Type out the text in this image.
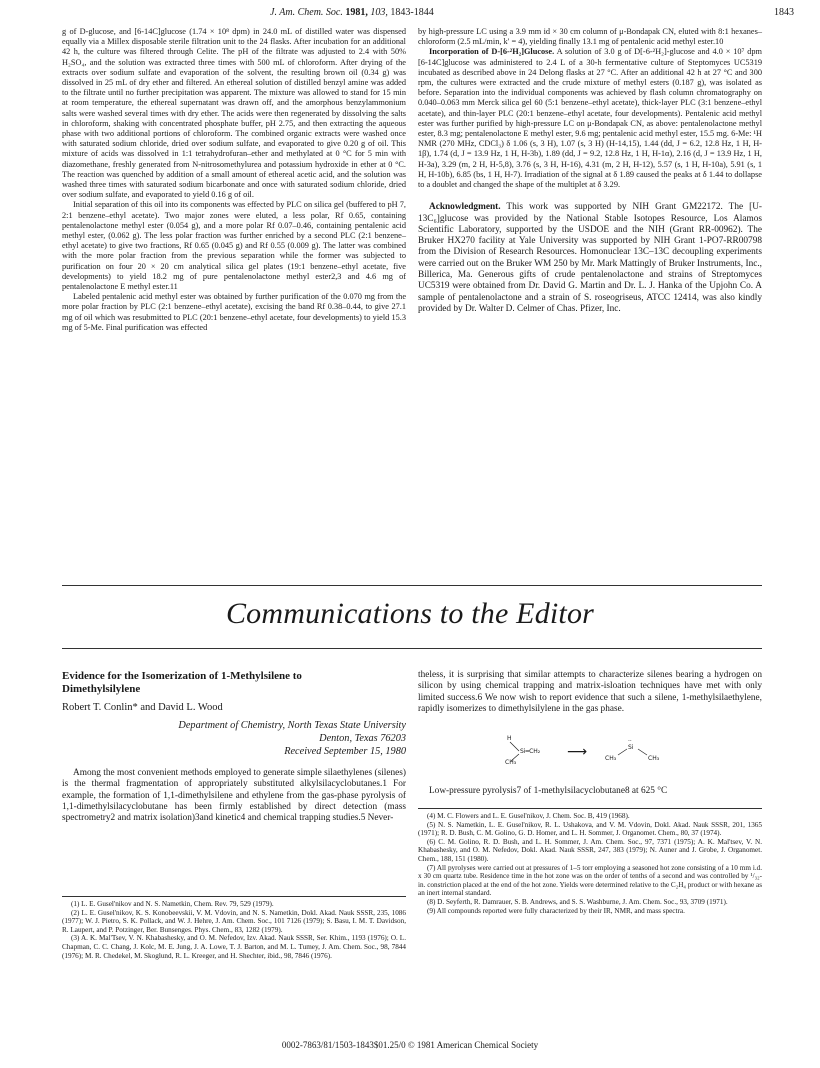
J. Am. Chem. Soc. 1981, 103, 1843-1844	1843

g of D-glucose, and [6-14C]glucose (1.74 × 10⁸ dpm) in 24.0 mL of distilled water was dispensed equally via a Millex disposable sterile filtration unit to the 24 flasks. After incubation for an additional 42 h, the culture was filtered through Celite. The pH of the filtrate was adjusted to 2.4 with 50% H₂SO₄, and the solution was extracted three times with 500 mL of chloroform. After drying of the extracts over sodium sulfate and evaporation of the solvent, the resulting brown oil (0.34 g) was dissolved in 25 mL of dry ether and filtered. An ethereal solution of distilled benzyl amine was added to the filtrate until no further precipitation was apparent. The mixture was allowed to stand for 15 min at room temperature, the ethereal supernatant was drawn off, and the amorphous benzylammonium salts were washed several times with dry ether. The acids were then regenerated by dissolving the salts in chloroform, shaking with concentrated phosphate buffer, pH 2.75, and then extracting the aqueous phase with two additional portions of chloroform. The combined organic extracts were washed once with saturated sodium chloride, dried over sodium sulfate, and evaporated to give 0.20 g of oil. This mixture of acids was dissolved in 1:1 tetrahydrofuran–ether and methylated at 0 °C for 5 min with diazomethane, freshly generated from N-nitrosomethylurea and potassium hydroxide in ether at 0 °C. The reaction was quenched by addition of a small amount of ethereal acetic acid, and the solution was washed three times with saturated sodium bicarbonate and once with saturated sodium chloride, dried over sodium sulfate, and evaporated to yield 0.16 g of oil.

Initial separation of this oil into its components was effected by PLC on silica gel (buffered to pH 7, 2:1 benzene–ethyl acetate). Two major zones were eluted, a less polar, Rf 0.65, containing pentalenolactone methyl ester (0.054 g), and a more polar Rf 0.07–0.46, containing pentalenic acid methyl ester, (0.062 g). The less polar fraction was further enriched by a second PLC (2:1 benzene–ethyl acetate) to give two fractions, Rf 0.65 (0.045 g) and Rf 0.55 (0.009 g). The latter was combined with the more polar fraction from the previous separation while the former was subjected to purification on four 20 × 20 cm analytical silica gel plates (19:1 benzene–ethyl acetate, five developments) to yield 18.2 mg of pure pentalenolactone methyl ester2,3 and 4.6 mg of pentalenolactone E methyl ester.11

Labeled pentalenic acid methyl ester was obtained by further purification of the 0.070 mg from the more polar fraction by PLC (2:1 benzene–ethyl acetate), excising the band Rf 0.38–0.44, to give 27.1 mg of oil which was resubmitted to PLC (20:1 benzene–ethyl acetate, four developments) to yield 15.3 mg of 5-Me. Final purification was effected

by high-pressure LC using a 3.9 mm id × 30 cm column of μ-Bondapak CN, eluted with 8:1 hexanes–chloroform (2.5 mL/min, k′ = 4), yielding finally 13.1 mg of pentalenic acid methyl ester.10

Incorporation of D-[6-²H₂]Glucose. A solution of 3.0 g of D[-6-²H₂]-glucose and 4.0 × 10⁷ dpm [6-14C]glucose was administered to 2.4 L of a 30-h fermentative culture of Steptomyces UC5319 incubated as described above in 24 Delong flasks at 27 °C. After an additional 42 h at 27 °C and 300 rpm, the cultures were extracted and the crude mixture of methyl esters (0.187 g), was isolated as before. Separation into the individual components was achieved by flash column chromatography on 0.040–0.063 mm Merck silica gel 60 (5:1 benzene–ethyl acetate), thick-layer PLC (3:1 benzene–ethyl acetate), and thin-layer PLC (20:1 benzene–ethyl acetate, four developments). Pentalenic acid methyl ester was further purified by high-pressure LC on μ-Bondapak CN, as above: pentalenolactone methyl ester, 8.3 mg; pentalenolactone E methyl ester, 9.6 mg; pentalenic acid methyl ester, 15.5 mg. 6-Me: ¹H NMR (270 MHz, CDCl₃) δ 1.06 (s, 3 H), 1.07 (s, 3 H) (H-14,15), 1.44 (dd, J = 6.2, 12.8 Hz, 1 H, H-1β), 1.74 (d, J = 13.9 Hz, 1 H, H-3b), 1.89 (dd, J = 9.2, 12.8 Hz, 1 H, H-1α), 2.16 (d, J = 13.9 Hz, 1 H, H-3a), 3.29 (m, 2 H, H-5,8), 3.76 (s, 3 H, H-16), 4.31 (m, 2 H, H-12), 5.57 (s, 1 H, H-10a), 5.91 (s, 1 H, H-10b), 6.85 (bs, 1 H, H-7). Irradiation of the signal at δ 1.89 caused the peaks at δ 1.44 to dollapse to a doublet and changed the shape of the multiplet at δ 3.29.

Acknowledgment. This work was supported by NIH Grant GM22172. The [U-13C₆]glucose was provided by the National Stable Isotopes Resource, Los Alamos Scientific Laboratory, supported by the USDOE and the NIH (Grant RR-00962). The Bruker HX270 facility at Yale University was supported by NIH Grant 1-PO7-RR00798 from the Division of Research Resources. Homonuclear 13C–13C decoupling experiments were carried out on the Bruker WM 250 by Mr. Mark Mattingly of Bruker Instruments, Inc., Billerica, Ma. Generous gifts of crude pentalenolactone and strains of Streptomyces UC5319 were obtained from Dr. David G. Martin and Dr. L. J. Hanka of the Upjohn Co. A sample of pentalenolactone and a strain of S. roseogriseus, ATCC 12414, was also kindly provided by Dr. Walter D. Celmer of Chas. Pfizer, Inc.

Communications to the Editor
Evidence for the Isomerization of 1-Methylsilene to Dimethylsilylene
Robert T. Conlin* and David L. Wood
Department of Chemistry, North Texas State University
Denton, Texas 76203
Received September 15, 1980

Among the most convenient methods employed to generate simple silaethylenes (silenes) is the thermal fragmentation of appropriately substituted alkylsilacyclobutanes.1 For example, the formation of 1,1-dimethylsilene and ethylene from the gas-phase pyrolysis of 1,1-dimethylsilacyclobutane has been firmly established by direct detection (mass spectrometry2 and matrix isolation)3and kinetic4 and chemical trapping studies.5 Never-

theless, it is surprising that similar attempts to characterize silenes bearing a hydrogen on silicon by using chemical trapping and matrix-isloation techniques have met with only limited success.6 We now wish to report evidence that such a silene, 1-methylsilaethylene, rapidly isomerizes to dimethylsilylene in the gas phase.

H
Si═CH₂
CH₃
⟶	CH₃
Si
··
CH₃

Low-pressure pyrolysis7 of 1-methylsilacyclobutane8 at 625 °C

(1) L. E. Gusel'nikov and N. S. Nametkin, Chem. Rev. 79, 529 (1979).

(2) L. E. Gusel'nikov, K. S. Konobeevskii, V. M. Vdovin, and N. S. Nametkin, Dokl. Akad. Nauk SSSR, 235, 1086 (1977); W. J. Pietro, S. K. Pollack, and W. J. Hehre, J. Am. Chem. Soc., 101 7126 (1979); S. Basu, I. M. T. Davidson, R. Laupert, and P. Potzinger, Ber. Bunsenges. Phys. Chem., 83, 1282 (1979).

(3) A. K. Mal'Tsev, V. N. Khabashesky, and O. M. Nefedov, Izv. Akad. Nauk SSSR, Ser. Khim., 1193 (1976); O. L. Chapman, C. C. Chang, J. Kolc, M. E. Jung, J. A. Lowe, T. J. Barton, and M. L. Tumey, J. Am. Chem. Soc., 98, 7844 (1976); M. R. Chedekel, M. Skoglund, R. L. Kreeger, and H. Shechter, ibid., 98, 7846 (1976).

(4) M. C. Flowers and L. E. Gusel'nikov, J. Chem. Soc. B, 419 (1968).

(5) N. S. Nametkin, L. E. Gusel'nikov, R. L. Ushakova, and V. M. Vdovin, Dokl. Akad. Nauk SSSR, 201, 1365 (1971); R. D. Bush, C. M. Golino, G. D. Homer, and L. H. Sommer, J. Organomet. Chem., 80, 37 (1974).

(6) C. M. Golino, R. D. Bush, and L. H. Sommer, J. Am. Chem. Soc., 97, 7371 (1975); A. K. Mal'tsev, V. N. Khabashesky, and O. M. Nefedov, Dokl. Akad. Nauk SSSR, 247, 383 (1979); N. Auner and J. Grobe, J. Organomet. Chem., 188, 151 (1980).

(7) All pyrolyses were carried out at pressures of 1–5 torr employing a seasoned hot zone consisting of a 10 mm i.d. x 30 cm quartz tube. Residence time in the hot zone was on the order of tenths of a second and was controlled by ¹/₃₂-in. constriction placed at the end of the hot zone. Yields were determined relative to the C₂H₄ product or with hexane as an inert internal standard.

(8) D. Seyferth, R. Damrauer, S. B. Andrews, and S. S. Washburne, J. Am. Chem. Soc., 93, 3709 (1971).

(9) All compounds reported were fully characterized by their IR, NMR, and mass spectra.

0002-7863/81/1503-1843$01.25/0 © 1981 American Chemical Society
